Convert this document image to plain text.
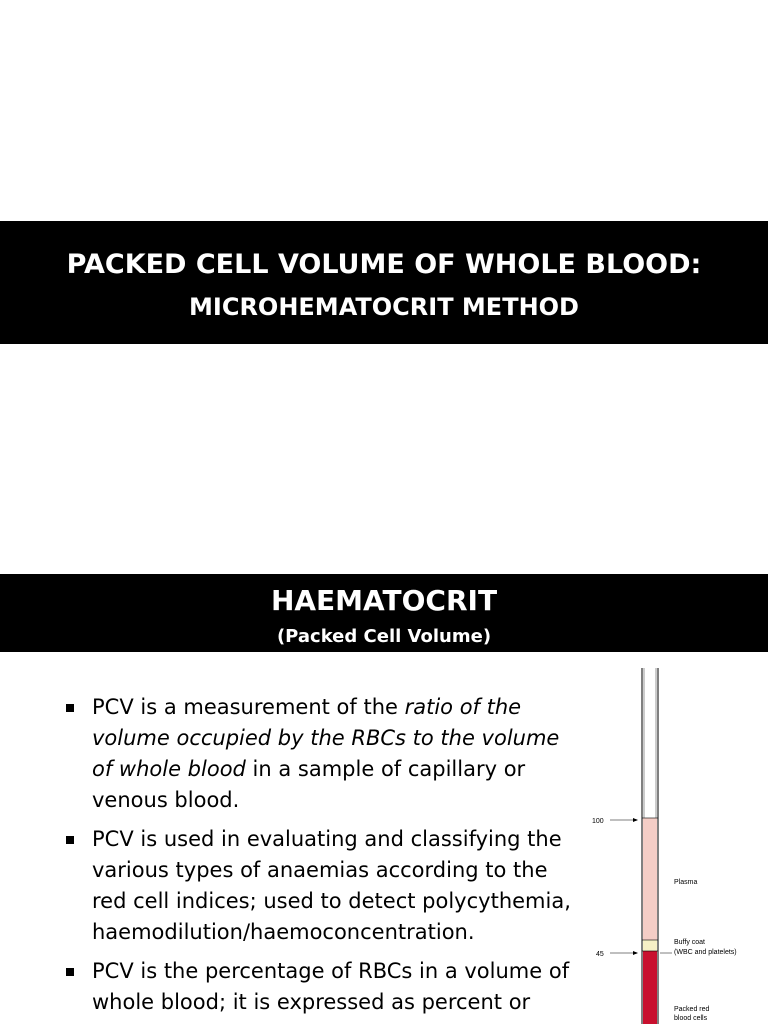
PACKED CELL VOLUME OF WHOLE BLOOD:
MICROHEMATOCRIT METHOD
HAEMATOCRIT
(Packed Cell Volume)
PCV is a measurement of the ratio of the volume occupied by the RBCs to the volume of whole blood in a sample of capillary or venous blood.
PCV is used in evaluating and classifying the various types of anaemias according to the red cell indices; used to detect polycythemia, haemodilution/haemoconcentration.
PCV is the percentage of RBCs in a volume of whole blood; it is expressed as percent or
100
45
Plasma
Buffy coat
(WBC and platelets)
Packed red
blood cells
